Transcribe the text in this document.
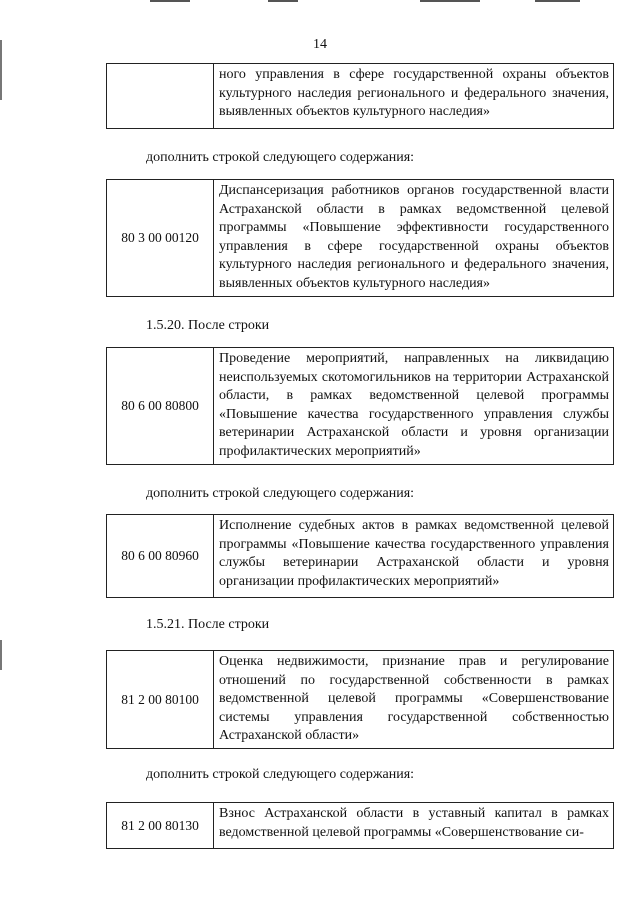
14
ного управления в сфере государственной охраны объектов культурного наследия регионального и федерального значения, выявленных объектов культурного наследия»
дополнить строкой следующего содержания:
80 3 00 00120
Диспансеризация работников органов государственной власти Астраханской области в рамках ведомственной целевой программы «Повышение эффективности государственного управления в сфере государственной охраны объектов культурного наследия регионального и федерального значения, выявленных объектов культурного наследия»
1.5.20. После строки
80 6 00 80800
Проведение мероприятий, направленных на ликвидацию неиспользуемых скотомогильников на территории Астраханской области, в рамках ведомственной целевой программы «Повышение качества государственного управления службы ветеринарии Астраханской области и уровня организации профилактических мероприятий»
дополнить строкой следующего содержания:
80 6 00 80960
Исполнение судебных актов в рамках ведомственной целевой программы «Повышение качества государственного управления службы ветеринарии Астраханской области и уровня организации профилактических мероприятий»
1.5.21. После строки
81 2 00 80100
Оценка недвижимости, признание прав и регулирование отношений по государственной собственности в рамках ведомственной целевой программы «Совершенствование системы управления государственной собственностью Астраханской области»
дополнить строкой следующего содержания:
81 2 00 80130
Взнос Астраханской области в уставный капитал в рамках ведомственной целевой программы «Совершенствование си-
